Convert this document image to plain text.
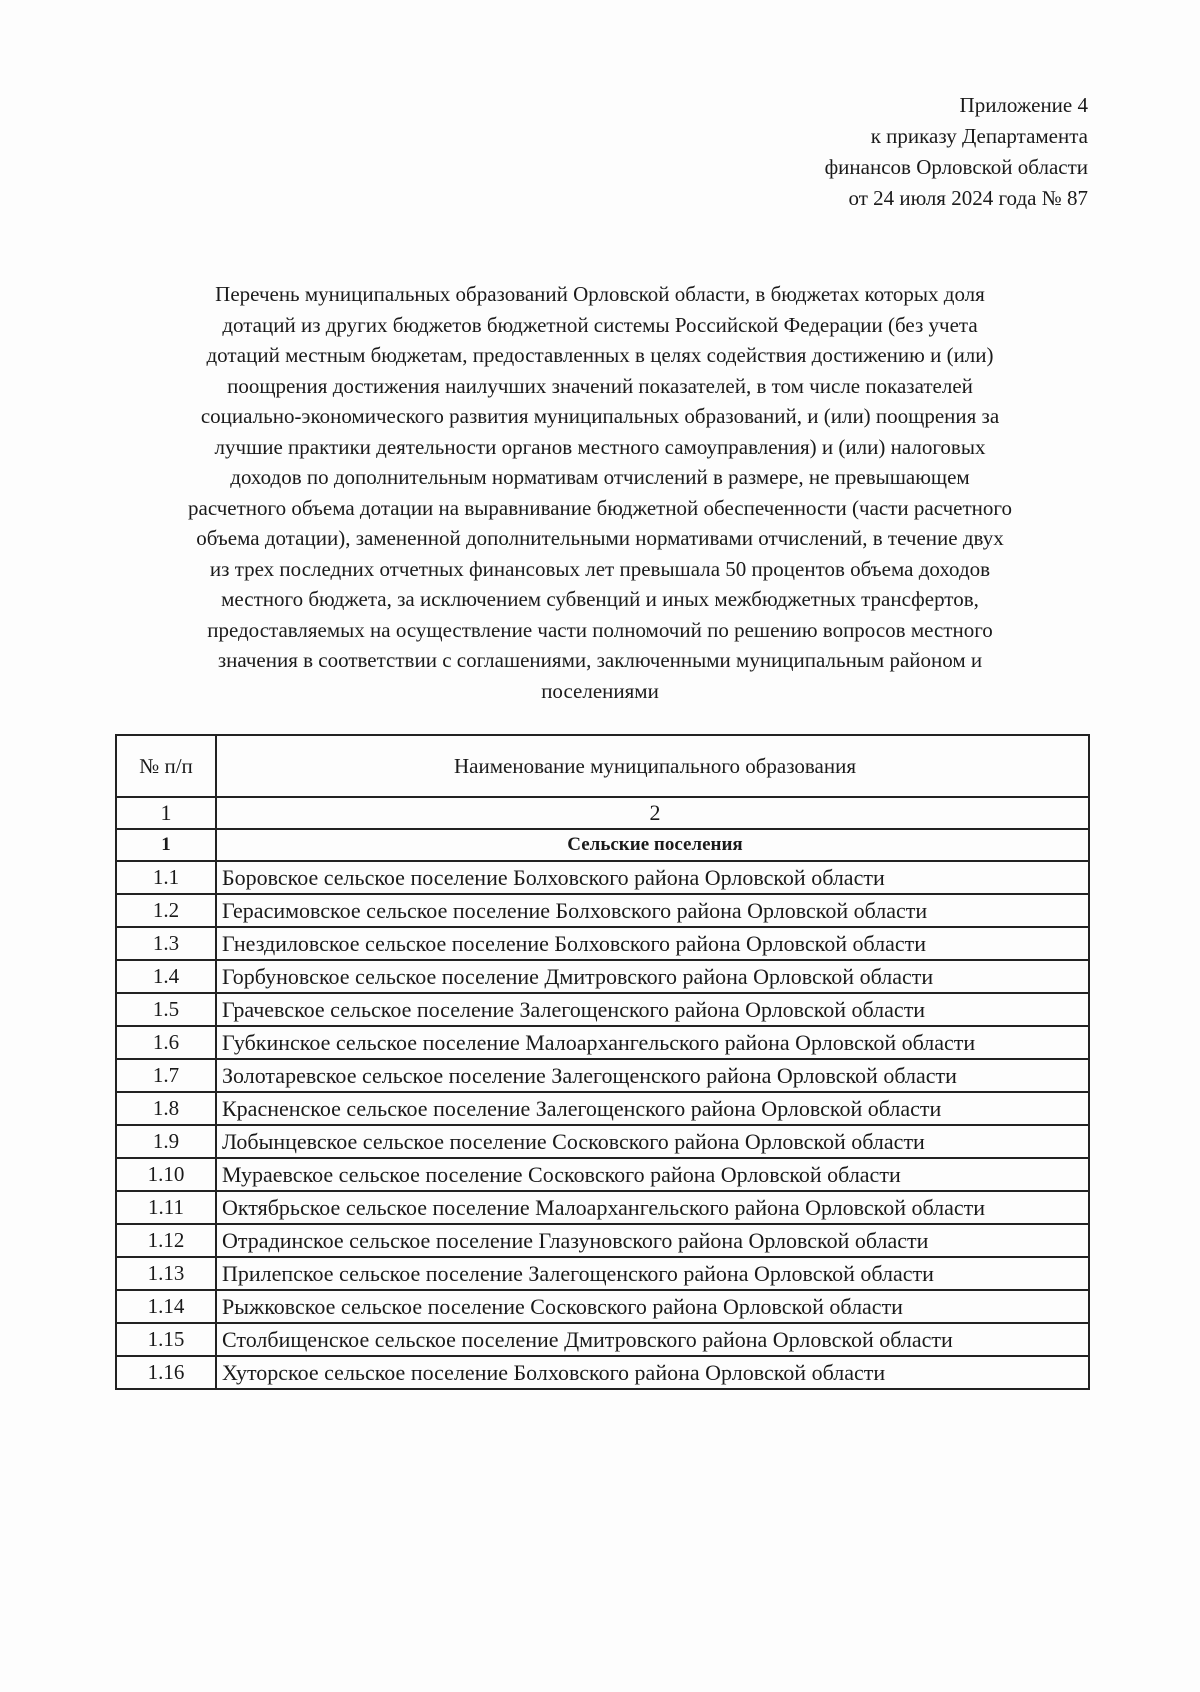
Приложение 4
к приказу Департамента
финансов Орловской области
от 24 июля 2024 года № 87
Перечень муниципальных образований Орловской области, в бюджетах которых доля
дотаций из других бюджетов бюджетной системы Российской Федерации (без учета
дотаций местным бюджетам, предоставленных в целях содействия достижению и (или)
поощрения достижения наилучших значений показателей, в том числе показателей
социально-экономического развития муниципальных образований, и (или) поощрения за
лучшие практики деятельности органов местного самоуправления) и (или) налоговых
доходов по дополнительным нормативам отчислений в размере, не превышающем
расчетного объема дотации на выравнивание бюджетной обеспеченности (части расчетного
объема дотации), замененной дополнительными нормативами отчислений, в течение двух
из трех последних отчетных финансовых лет превышала 50 процентов объема доходов
местного бюджета, за исключением субвенций и иных межбюджетных трансфертов,
предоставляемых на осуществление части полномочий по решению вопросов местного
значения в соответствии с соглашениями, заключенными муниципальным районом и
поселениями
№ п/п	Наименование муниципального образования
1	2
1	Сельские поселения
1.1	Боровское сельское поселение Болховского района Орловской области
1.2	Герасимовское сельское поселение Болховского района Орловской области
1.3	Гнездиловское сельское поселение Болховского района Орловской области
1.4	Горбуновское сельское поселение Дмитровского района Орловской области
1.5	Грачевское сельское поселение Залегощенского района Орловской области
1.6	Губкинское сельское поселение Малоархангельского района Орловской области
1.7	Золотаревское сельское поселение Залегощенского района Орловской области
1.8	Красненское сельское поселение Залегощенского района Орловской области
1.9	Лобынцевское сельское поселение Сосковского района Орловской области
1.10	Мураевское сельское поселение Сосковского района Орловской области
1.11	Октябрьское сельское поселение Малоархангельского района Орловской области
1.12	Отрадинское сельское поселение Глазуновского района Орловской области
1.13	Прилепское сельское поселение Залегощенского района Орловской области
1.14	Рыжковское сельское поселение Сосковского района Орловской области
1.15	Столбищенское сельское поселение Дмитровского района Орловской области
1.16	Хуторское сельское поселение Болховского района Орловской области
